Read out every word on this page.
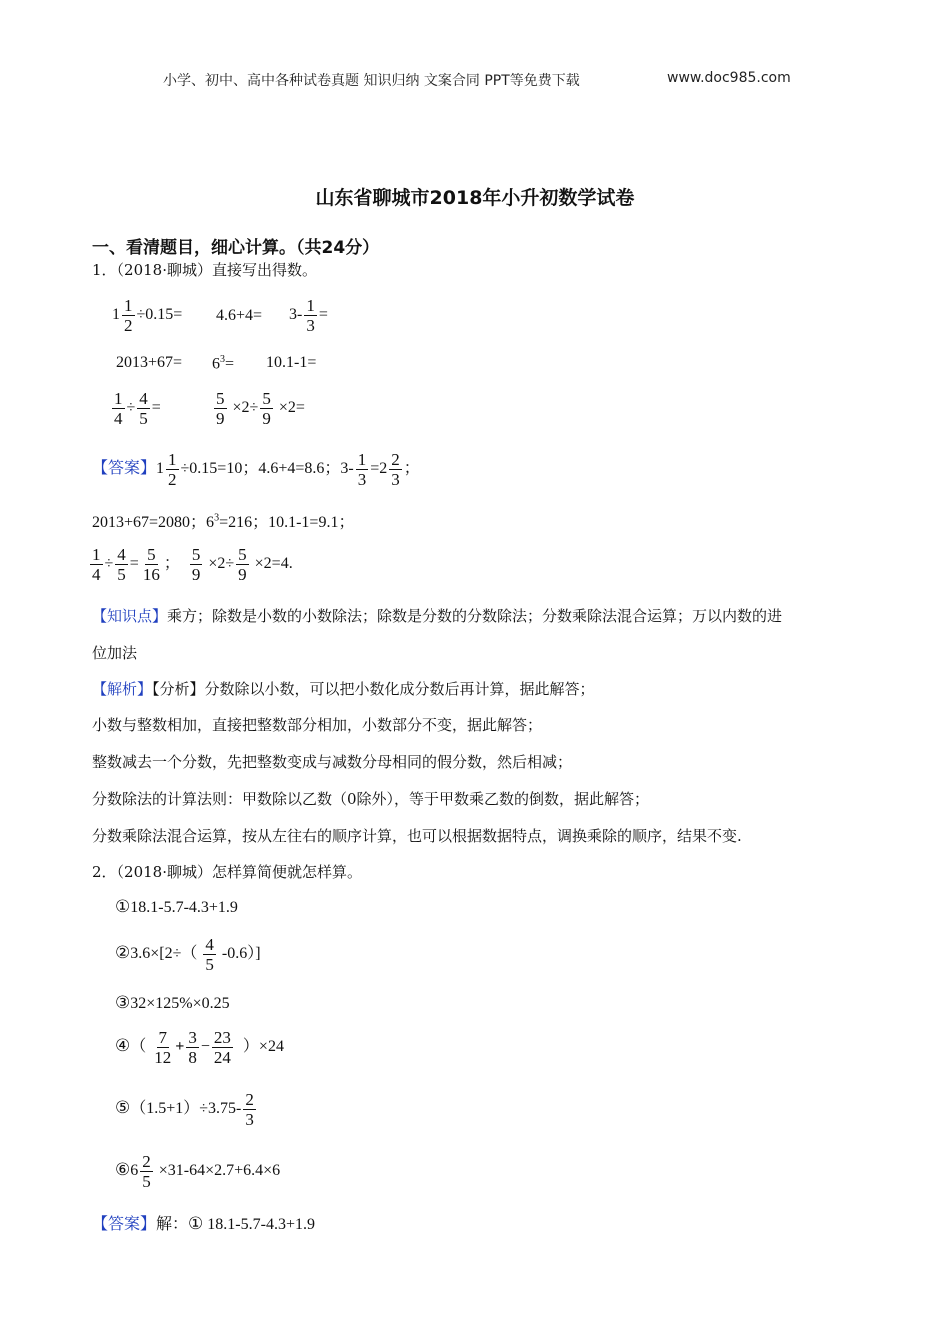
小学、初中、高中各种试卷真题 知识归纳 文案合同 PPT等免费下载	www.doc985.com
山东省聊城市2018年小升初数学试卷
一、看清题目，细心计算。（共24分）
1．（2018·聊城）直接写出得数。
$1 \frac{1}{2} \div 0.15= 4.6+4= 3- \frac{1}{3}$ =
$2013+67= 6^3= 10.1-1=$
$\frac{1}{4} \div \frac{4}{5}$ =	$\frac{5}{9} \times 2\div \frac{5}{9} \times 2=$
【答案】$1 \frac{1}{2} \div 0.15=10$；4.6+4=8.6；$3- \frac{1}{3} =2 \frac{2}{3}$ ；
2013+67=2080；$6^3=216$；10.1-1=9.1；
$\frac{1}{4} \div \frac{4}{5} = \frac{5}{16}$ ； $\frac{5}{9} \times 2\div \frac{5}{9} \times 2=4$.
【知识点】乘方；除数是小数的小数除法；除数是分数的分数除法；分数乘除法混合运算；万以内数的进
位加法
【解析】【分析】分数除以小数，可以把小数化成分数后再计算，据此解答；
小数与整数相加，直接把整数部分相加，小数部分不变，据此解答；
整数减去一个分数，先把整数变成与减数分母相同的假分数，然后相减；
分数除法的计算法则：甲数除以乙数（0除外），等于甲数乘乙数的倒数，据此解答；
分数乘除法混合运算，按从左往右的顺序计算，也可以根据数据特点，调换乘除的顺序，结果不变.
2．（2018·聊城）怎样算简便就怎样算。
①18.1-5.7-4.3+1.9
②3.6×[2÷（ $\frac{4}{5} -0.6$）]
③32×125%×0.25
④（ $\frac{7}{12} + \frac{3}{8} - \frac{23}{24} )\times 24$
⑤（1.5+1）÷3.75- $\frac{2}{3}$
⑥6 $\frac{2}{5} \times 31-64\times 2.7+6.4\times 6$
【答案】解：① 18.1-5.7-4.3+1.9
